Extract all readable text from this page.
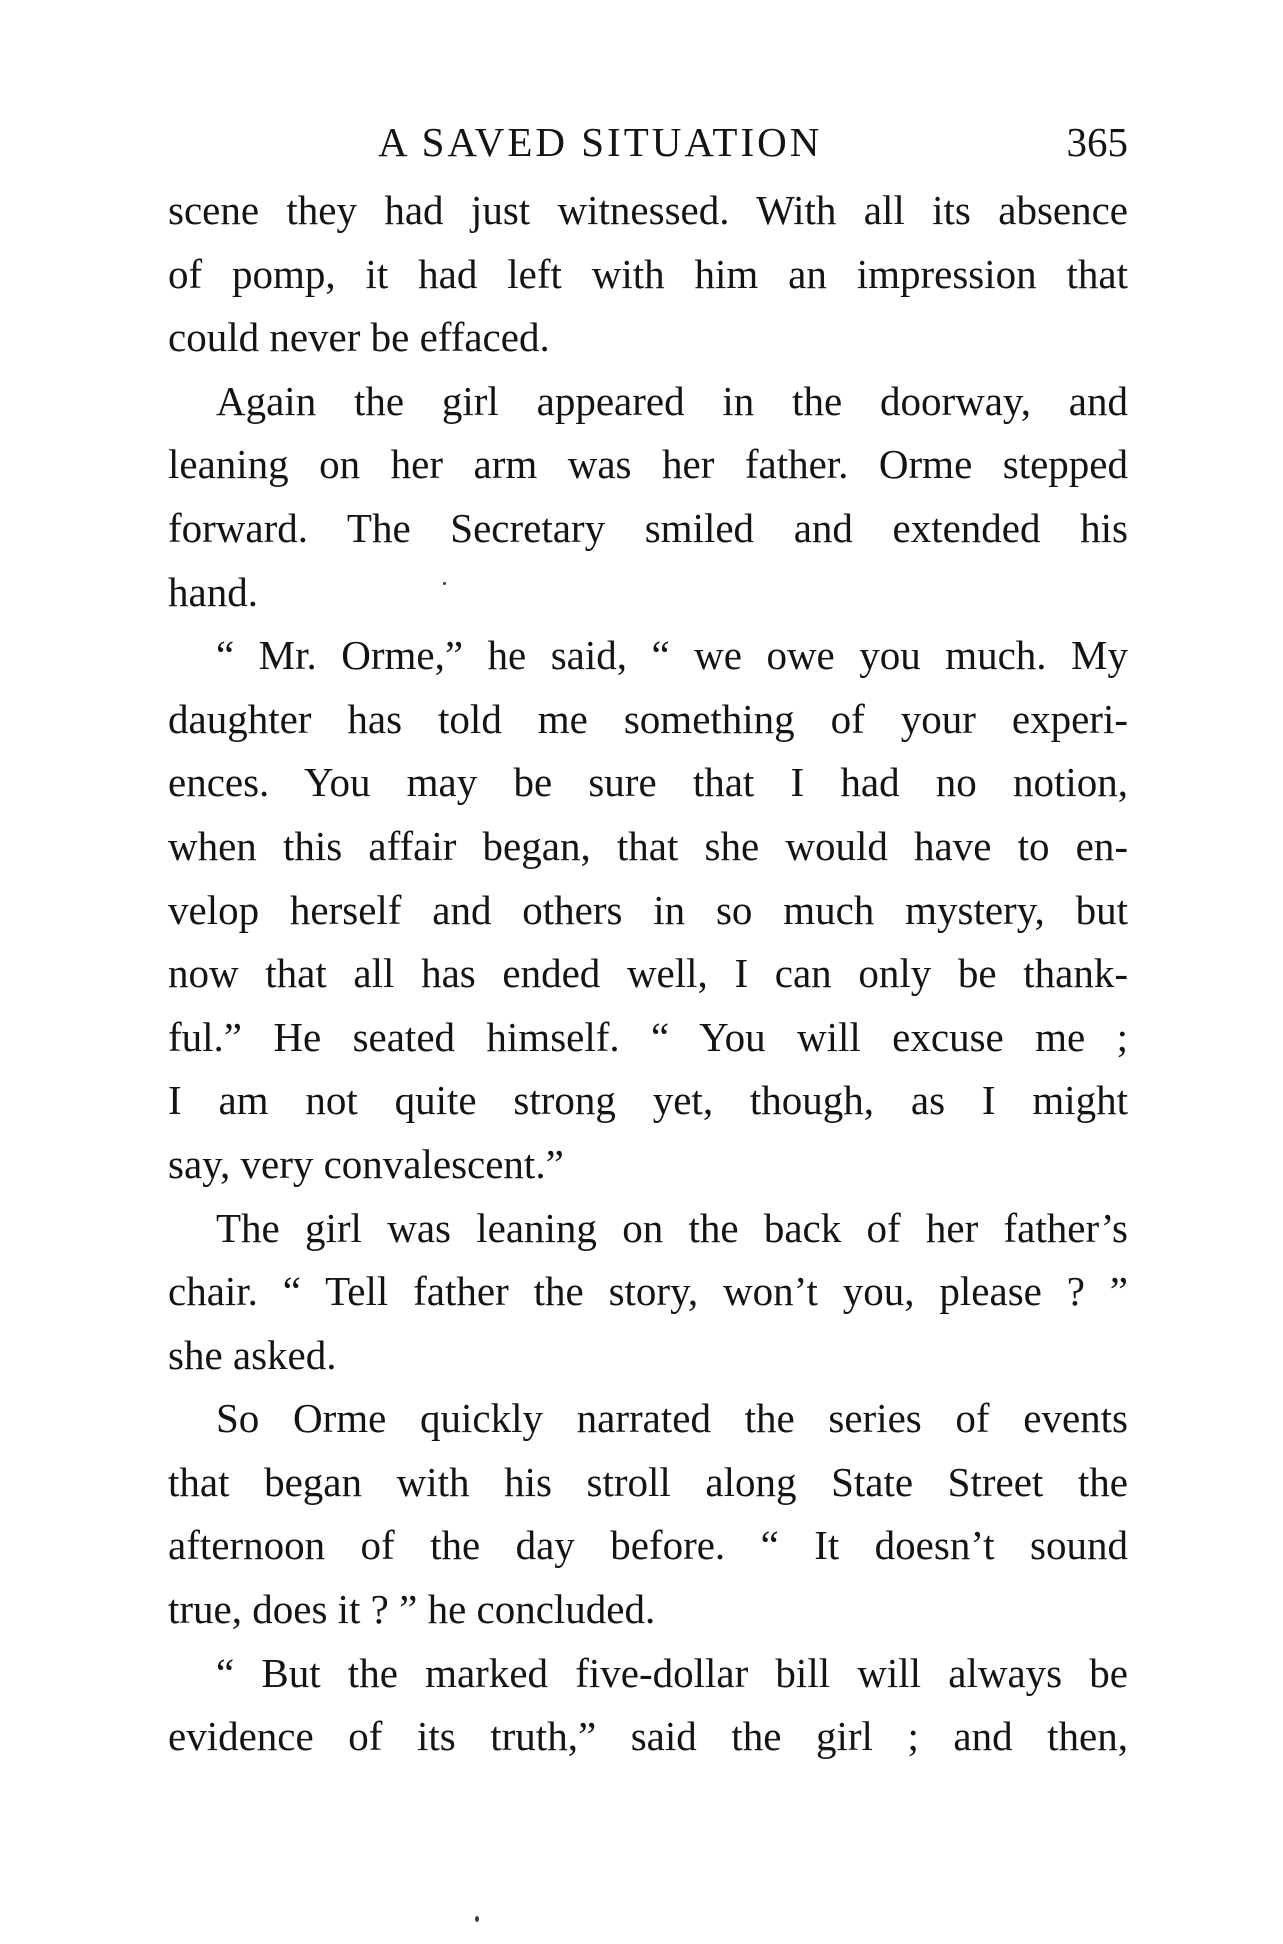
A SAVED SITUATION	365
scene they had just witnessed. With all its absence
of pomp, it had left with him an impression that
could never be effaced.
Again the girl appeared in the doorway, and
leaning on her arm was her father. Orme stepped
forward. The Secretary smiled and extended his
hand.
“ Mr. Orme,” he said, “ we owe you much. My
daughter has told me something of your experi-
ences. You may be sure that I had no notion,
when this affair began, that she would have to en-
velop herself and others in so much mystery, but
now that all has ended well, I can only be thank-
ful.” He seated himself. “ You will excuse me ;
I am not quite strong yet, though, as I might
say, very convalescent.”
The girl was leaning on the back of her father’s
chair. “ Tell father the story, won’t you, please ? ”
she asked.
So Orme quickly narrated the series of events
that began with his stroll along State Street the
afternoon of the day before. “ It doesn’t sound
true, does it ? ” he concluded.
“ But the marked five-dollar bill will always be
evidence of its truth,” said the girl ; and then,
